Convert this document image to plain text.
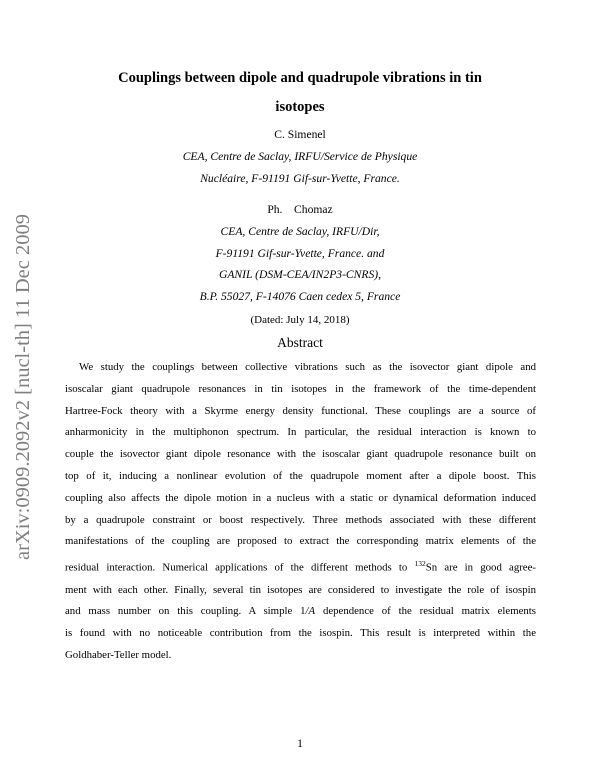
arXiv:0909.2092v2 [nucl-th] 11 Dec 2009
Couplings between dipole and quadrupole vibrations in tin
isotopes
C. Simenel
CEA, Centre de Saclay, IRFU/Service de Physique
Nucléaire, F-91191 Gif-sur-Yvette, France.
Ph.    Chomaz
CEA, Centre de Saclay, IRFU/Dir,
F-91191 Gif-sur-Yvette, France. and
GANIL (DSM-CEA/IN2P3-CNRS),
B.P. 55027, F-14076 Caen cedex 5, France
(Dated: July 14, 2018)
Abstract
We study the couplings between collective vibrations such as the isovector giant dipole and
isoscalar giant quadrupole resonances in tin isotopes in the framework of the time-dependent
Hartree-Fock theory with a Skyrme energy density functional. These couplings are a source of
anharmonicity in the multiphonon spectrum. In particular, the residual interaction is known to
couple the isovector giant dipole resonance with the isoscalar giant quadrupole resonance built on
top of it, inducing a nonlinear evolution of the quadrupole moment after a dipole boost. This
coupling also affects the dipole motion in a nucleus with a static or dynamical deformation induced
by a quadrupole constraint or boost respectively. Three methods associated with these different
manifestations of the coupling are proposed to extract the corresponding matrix elements of the
residual interaction. Numerical applications of the different methods to $^{132}$Sn are in good agree-
ment with each other. Finally, several tin isotopes are considered to investigate the role of isospin
and mass number on this coupling. A simple 1/A dependence of the residual matrix elements
is found with no noticeable contribution from the isospin. This result is interpreted within the
Goldhaber-Teller model.
1
